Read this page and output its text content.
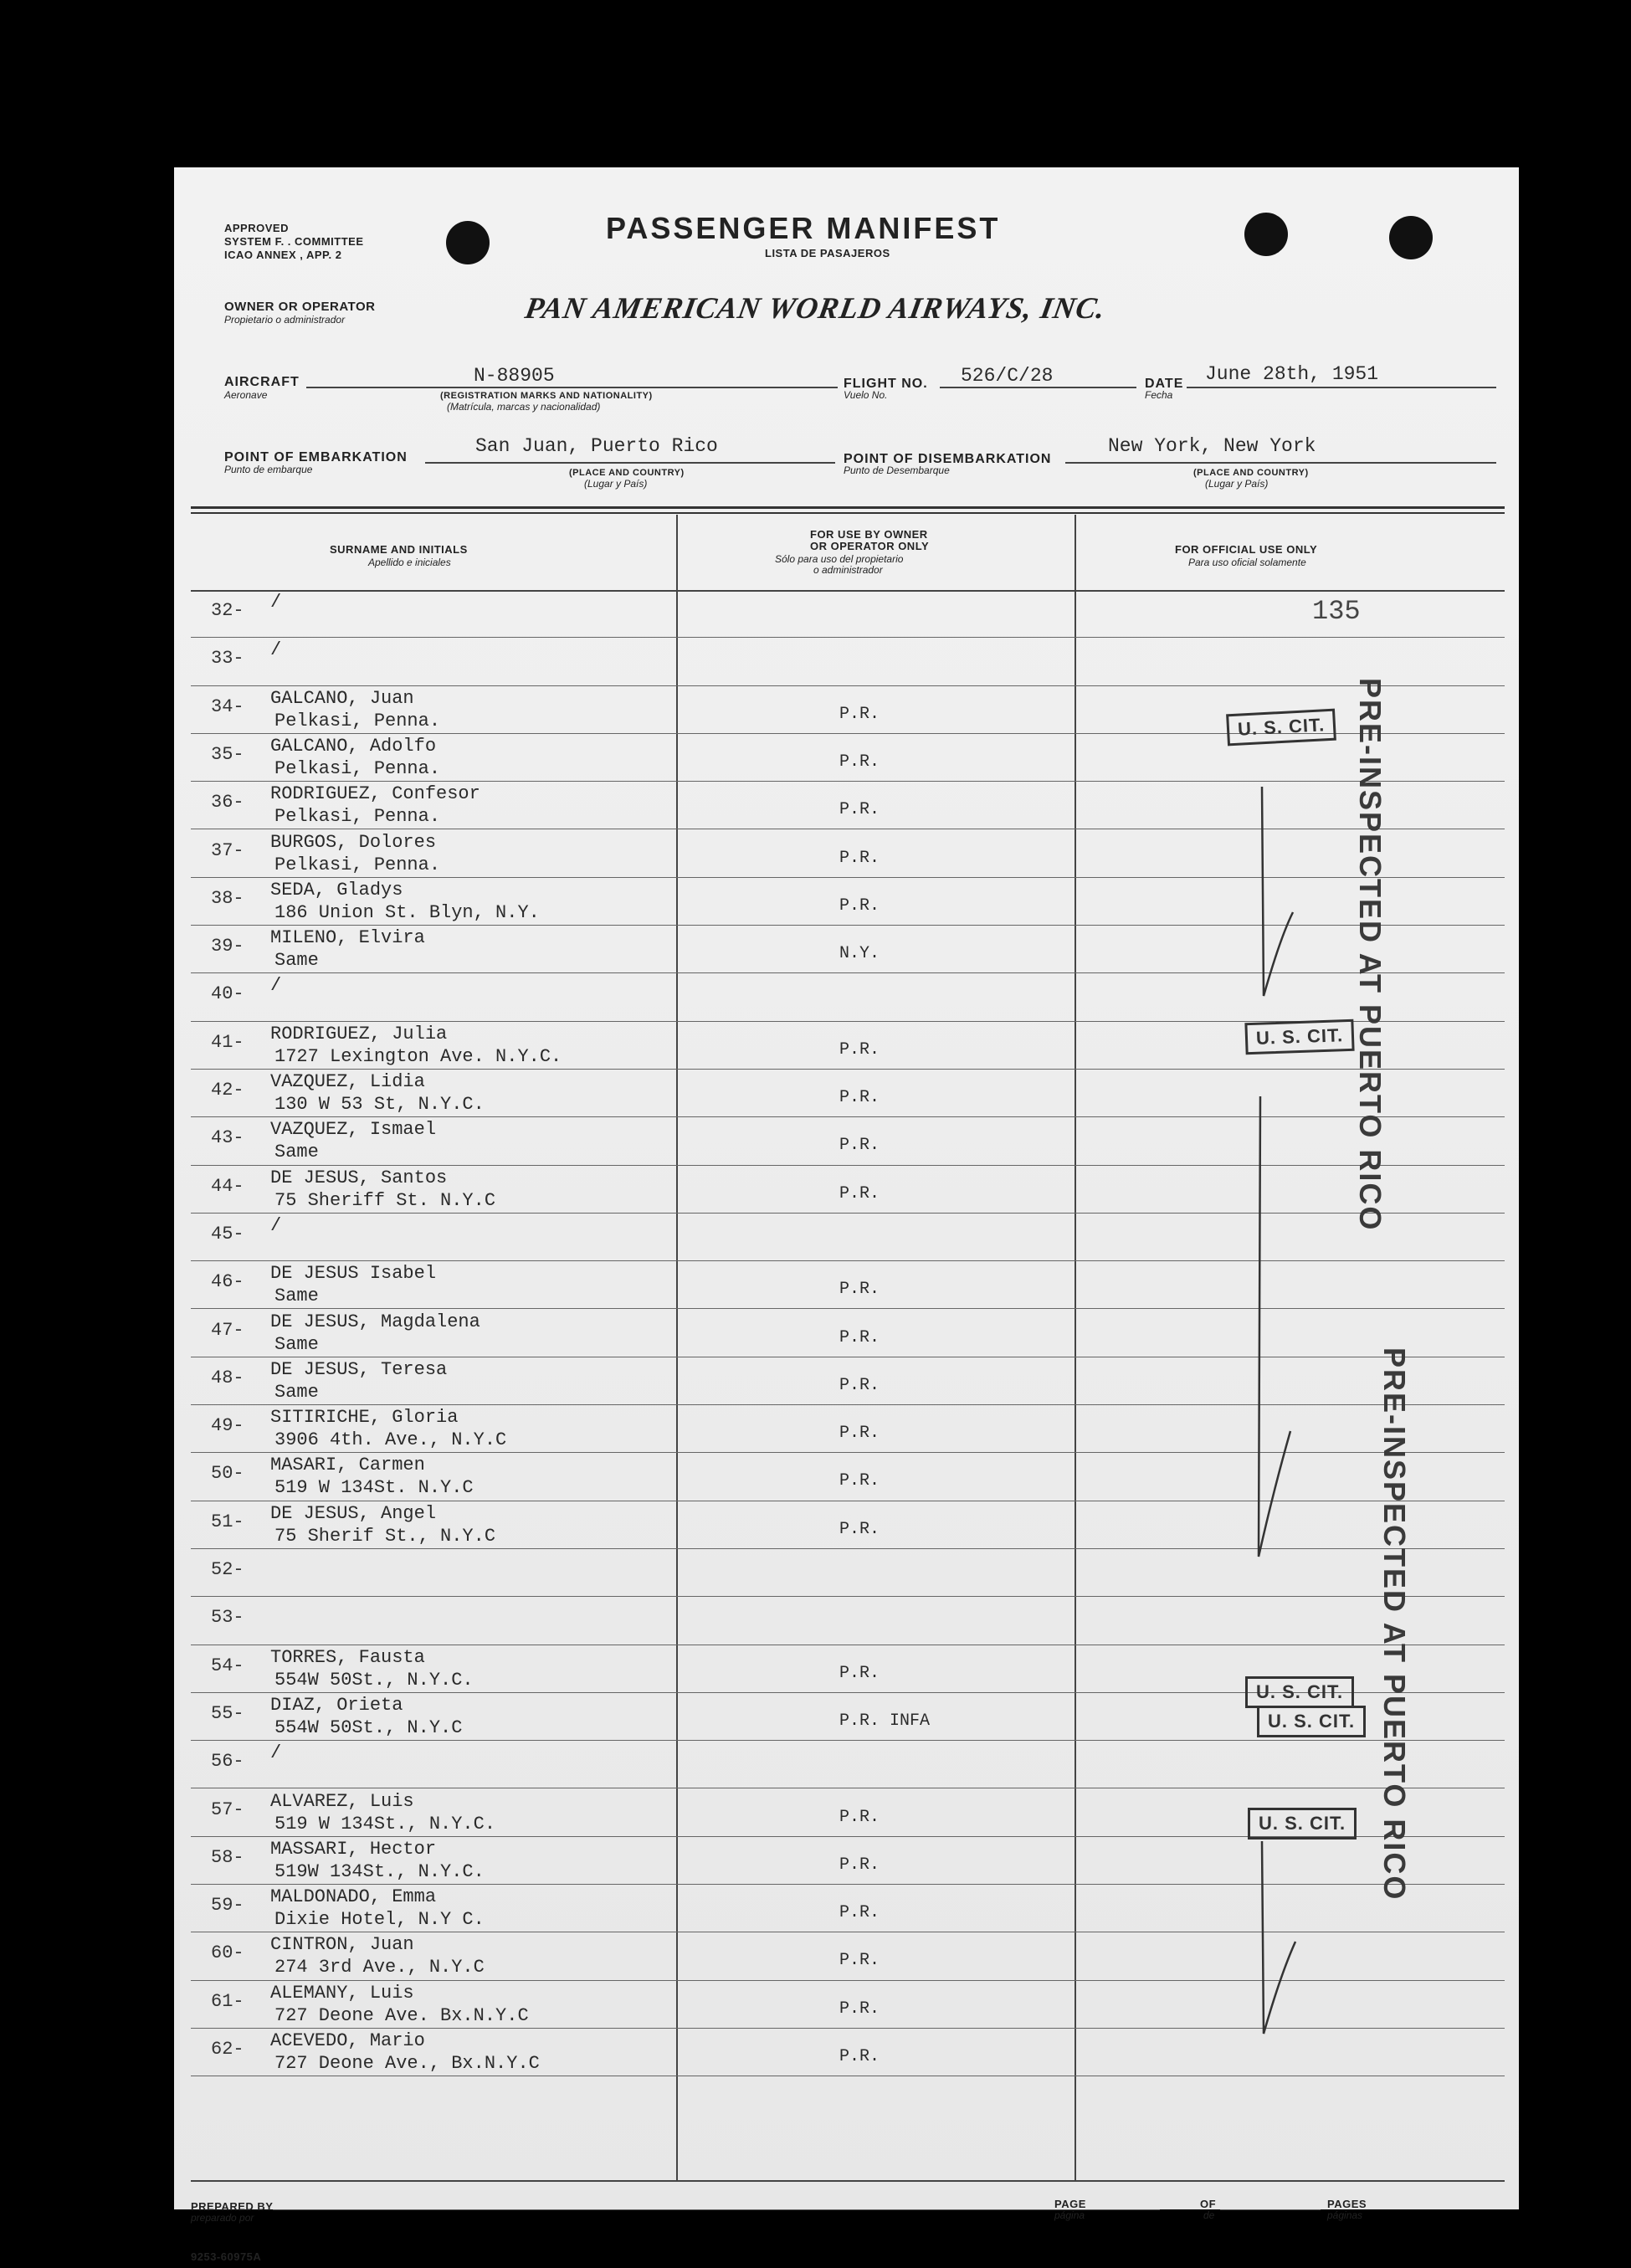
APPROVED
SYSTEM F. . COMMITTEE
ICAO ANNEX , APP. 2
PASSENGER MANIFEST
LISTA DE PASAJEROS
OWNER OR OPERATOR
Propietario o administrador	PAN AMERICAN WORLD AIRWAYS, INC.
AIRCRAFT
Aeronave
N-88905
(REGISTRATION MARKS AND NATIONALITY)
(Matrícula, marcas y nacionalidad)
FLIGHT NO.
Vuelo No.
526/C/28	DATE
Fecha
June 28th, 1951
POINT OF EMBARKATION
Punto de embarque
San Juan, Puerto Rico
(PLACE AND COUNTRY)
(Lugar y País)
POINT OF DISEMBARKATION
Punto de Desembarque
New York, New York
(PLACE AND COUNTRY)
(Lugar y País)
SURNAME AND INITIALS
Apellido e iniciales
FOR USE BY OWNER
OR OPERATOR ONLY
Sólo para uso del propietario
o administrador
FOR OFFICIAL USE ONLY
Para uso oficial solamente
135
32- /
33- /
34- GALCANO, Juan
Pelkasi, Penna.	P.R.
35- GALCANO, Adolfo
Pelkasi, Penna.	P.R.
36- RODRIGUEZ, Confesor
Pelkasi, Penna.	P.R.
37- BURGOS, Dolores
Pelkasi, Penna.	P.R.
38- SEDA, Gladys
186 Union St. Blyn, N.Y.	P.R.
39- MILENO, Elvira
Same	N.Y.
40- /
41- RODRIGUEZ, Julia
1727 Lexington Ave. N.Y.C.	P.R.
42- VAZQUEZ, Lidia
130 W 53 St, N.Y.C.	P.R.
43- VAZQUEZ, Ismael
Same	P.R.
44- DE JESUS, Santos
75 Sheriff St. N.Y.C	P.R.
45- /
46- DE JESUS Isabel
Same	P.R.
47- DE JESUS, Magdalena
Same	P.R.
48- DE JESUS, Teresa
Same	P.R.
49- SITIRICHE, Gloria
3906 4th. Ave., N.Y.C	P.R.
50- MASARI, Carmen
519 W 134St. N.Y.C	P.R.
51- DE JESUS, Angel
75 Sherif St., N.Y.C	P.R.
52-
53-
54- TORRES, Fausta
554W 50St., N.Y.C.	P.R.
55- DIAZ, Orieta
554W 50St., N.Y.C	P.R. INFA
56- /
57- ALVAREZ, Luis
519 W 134St., N.Y.C.	P.R.
58- MASSARI, Hector
519W 134St., N.Y.C.	P.R.
59- MALDONADO, Emma
Dixie Hotel, N.Y C.	P.R.
60- CINTRON, Juan
274 3rd Ave., N.Y.C	P.R.
61- ALEMANY, Luis
727 Deone Ave. Bx.N.Y.C	P.R.
62- ACEVEDO, Mario
727 Deone Ave., Bx.N.Y.C	P.R.
U. S. CIT.
U. S. CIT.
U. S. CIT.
U. S. CIT.
U. S. CIT.
PRE-INSPECTED AT PUERTO RICO
PRE-INSPECTED AT PUERTO RICO
PREPARED BY
preparado por
PAGE
página
OF
de
PAGES
páginas
9253-60975A
